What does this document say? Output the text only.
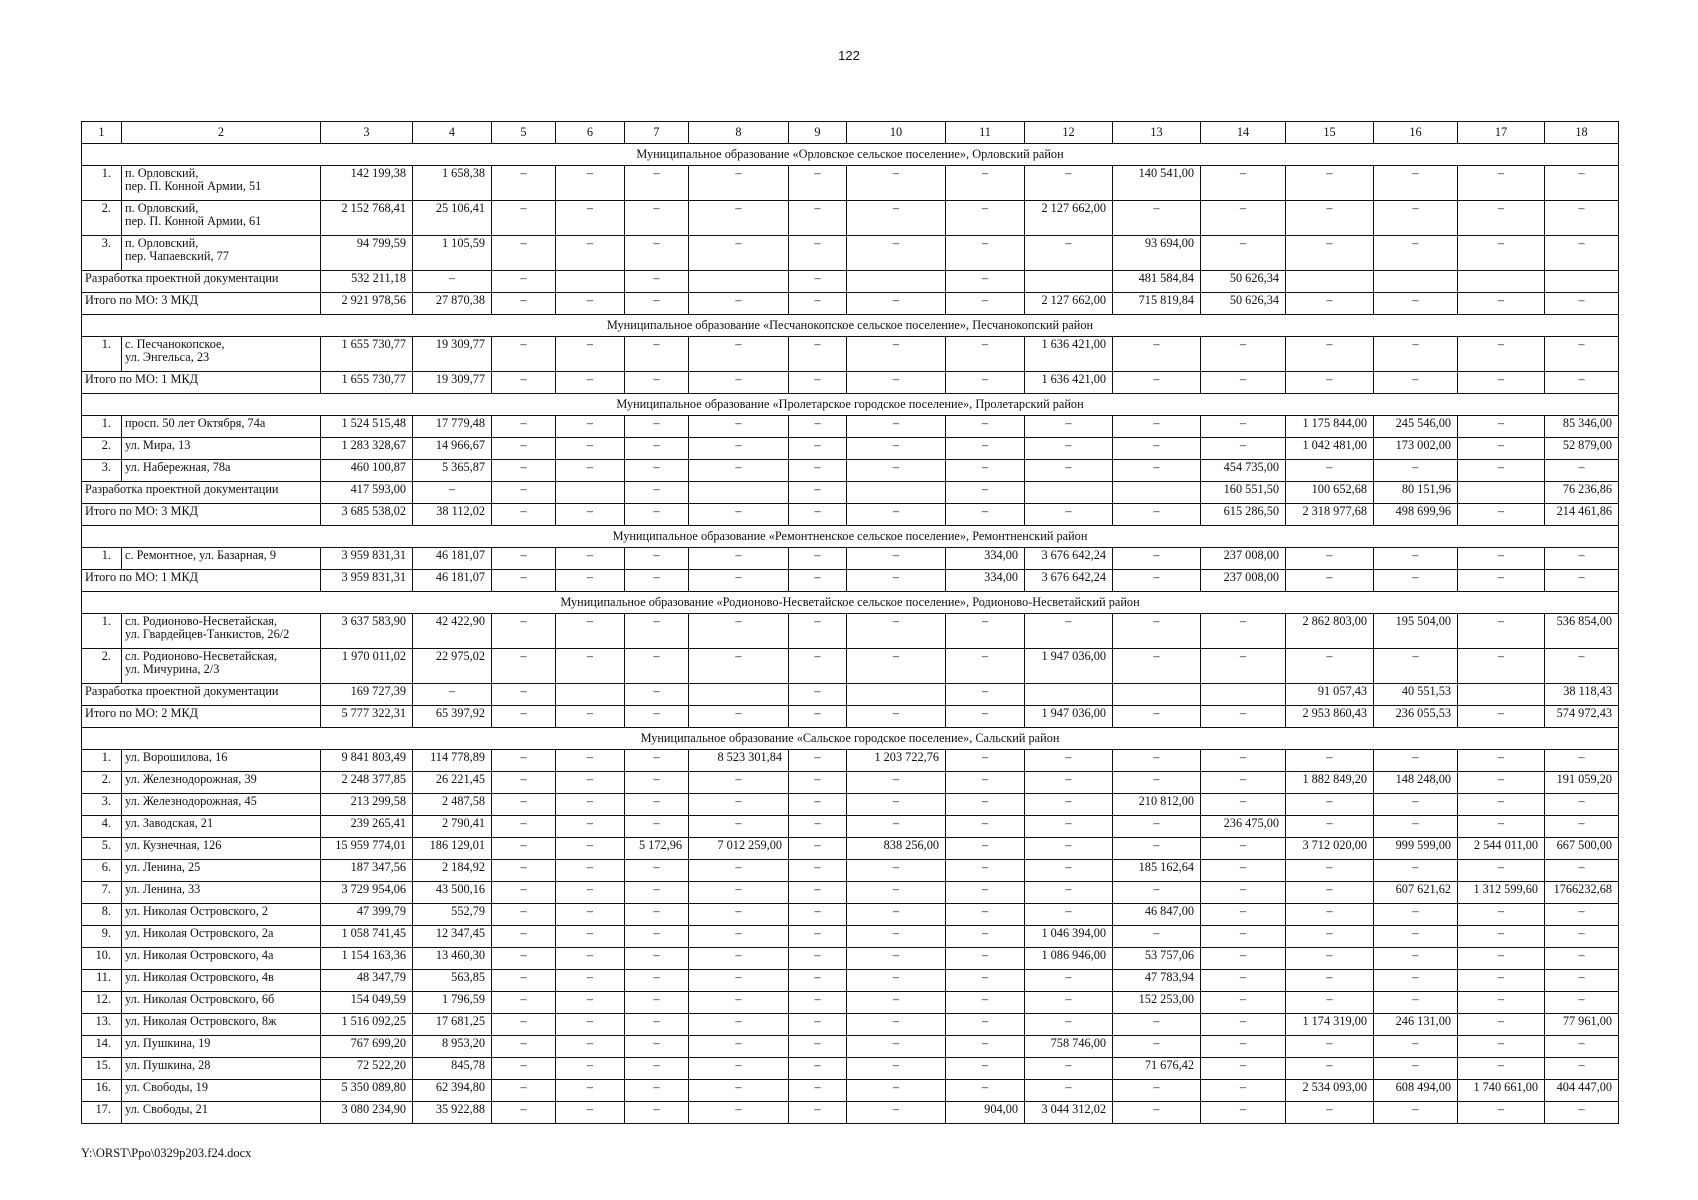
122
1	2	3	4	5	6	7	8	9	10	11	12	13	14	15	16	17	18
Муниципальное образование «Орловское сельское поселение», Орловский район																	
1.	п. Орловский,
пер. П. Конной Армии, 51	142 199,38	1 658,38	–	–	–	–	–	–	–	–	140 541,00	–	–	–	–	–
2.	п. Орловский,
пер. П. Конной Армии, 61	2 152 768,41	25 106,41	–	–	–	–	–	–	–	2 127 662,00	–	–	–	–	–	–
3.	п. Орловский,
пер. Чапаевский, 77	94 799,59	1 105,59	–	–	–	–	–	–	–	–	93 694,00	–	–	–	–	–
Разработка проектной документации		532 211,18	–	–		–		–		–		481 584,84	50 626,34				
Итого по МО: 3 МКД		2 921 978,56	27 870,38	–	–	–	–	–	–	–	2 127 662,00	715 819,84	50 626,34	–	–	–	–
Муниципальное образование «Песчанокопское сельское поселение», Песчанокопский район																	
1.	с. Песчанокопское,
ул. Энгельса, 23	1 655 730,77	19 309,77	–	–	–	–	–	–	–	1 636 421,00	–	–	–	–	–	–
Итого по МО: 1 МКД		1 655 730,77	19 309,77	–	–	–	–	–	–	–	1 636 421,00	–	–	–	–	–	–
Муниципальное образование «Пролетарское городское поселение», Пролетарский район																	
1.	просп. 50 лет Октября, 74а	1 524 515,48	17 779,48	–	–	–	–	–	–	–	–	–	–	1 175 844,00	245 546,00	–	85 346,00
2.	ул. Мира, 13	1 283 328,67	14 966,67	–	–	–	–	–	–	–	–	–	–	1 042 481,00	173 002,00	–	52 879,00
3.	ул. Набережная, 78а	460 100,87	5 365,87	–	–	–	–	–	–	–	–	–	454 735,00	–	–	–	–
Разработка проектной документации		417 593,00	–	–		–		–		–			160 551,50	100 652,68	80 151,96		76 236,86
Итого по МО: 3 МКД		3 685 538,02	38 112,02	–	–	–	–	–	–	–	–	–	615 286,50	2 318 977,68	498 699,96	–	214 461,86
Муниципальное образование «Ремонтненское сельское поселение», Ремонтненский район																	
1.	с. Ремонтное, ул. Базарная, 9	3 959 831,31	46 181,07	–	–	–	–	–	–	334,00	3 676 642,24	–	237 008,00	–	–	–	–
Итого по МО: 1 МКД		3 959 831,31	46 181,07	–	–	–	–	–	–	334,00	3 676 642,24	–	237 008,00	–	–	–	–
Муниципальное образование «Родионово-Несветайское сельское поселение», Родионово-Несветайский район																	
1.	сл. Родионово-Несветайская,
ул. Гвардейцев-Танкистов, 26/2	3 637 583,90	42 422,90	–	–	–	–	–	–	–	–	–	–	2 862 803,00	195 504,00	–	536 854,00
2.	сл. Родионово-Несветайская,
ул. Мичурина, 2/3	1 970 011,02	22 975,02	–	–	–	–	–	–	–	1 947 036,00	–	–	–	–	–	–
Разработка проектной документации		169 727,39	–	–		–		–		–				91 057,43	40 551,53		38 118,43
Итого по МО: 2 МКД		5 777 322,31	65 397,92	–	–	–	–	–	–	–	1 947 036,00	–	–	2 953 860,43	236 055,53	–	574 972,43
Муниципальное образование «Сальское городское поселение», Сальский район																	
1.	ул. Ворошилова, 16	9 841 803,49	114 778,89	–	–	–	8 523 301,84	–	1 203 722,76	–	–	–	–	–	–	–	–
2.	ул. Железнодорожная, 39	2 248 377,85	26 221,45	–	–	–	–	–	–	–	–	–	–	1 882 849,20	148 248,00	–	191 059,20
3.	ул. Железнодорожная, 45	213 299,58	2 487,58	–	–	–	–	–	–	–	–	210 812,00	–	–	–	–	–
4.	ул. Заводская, 21	239 265,41	2 790,41	–	–	–	–	–	–	–	–	–	236 475,00	–	–	–	–
5.	ул. Кузнечная, 126	15 959 774,01	186 129,01	–	–	5 172,96	7 012 259,00	–	838 256,00	–	–	–	–	3 712 020,00	999 599,00	2 544 011,00	667 500,00
6.	ул. Ленина, 25	187 347,56	2 184,92	–	–	–	–	–	–	–	–	185 162,64	–	–	–	–	–
7.	ул. Ленина, 33	3 729 954,06	43 500,16	–	–	–	–	–	–	–	–	–	–	–	607 621,62	1 312 599,60	1766232,68
8.	ул. Николая Островского, 2	47 399,79	552,79	–	–	–	–	–	–	–	–	46 847,00	–	–	–	–	–
9.	ул. Николая Островского, 2а	1 058 741,45	12 347,45	–	–	–	–	–	–	–	1 046 394,00	–	–	–	–	–	–
10.	ул. Николая Островского, 4а	1 154 163,36	13 460,30	–	–	–	–	–	–	–	1 086 946,00	53 757,06	–	–	–	–	–
11.	ул. Николая Островского, 4в	48 347,79	563,85	–	–	–	–	–	–	–	–	47 783,94	–	–	–	–	–
12.	ул. Николая Островского, 6б	154 049,59	1 796,59	–	–	–	–	–	–	–	–	152 253,00	–	–	–	–	–
13.	ул. Николая Островского, 8ж	1 516 092,25	17 681,25	–	–	–	–	–	–	–	–	–	–	1 174 319,00	246 131,00	–	77 961,00
14.	ул. Пушкина, 19	767 699,20	8 953,20	–	–	–	–	–	–	–	758 746,00	–	–	–	–	–	–
15.	ул. Пушкина, 28	72 522,20	845,78	–	–	–	–	–	–	–	–	71 676,42	–	–	–	–	–
16.	ул. Свободы, 19	5 350 089,80	62 394,80	–	–	–	–	–	–	–	–	–	–	2 534 093,00	608 494,00	1 740 661,00	404 447,00
17.	ул. Свободы, 21	3 080 234,90	35 922,88	–	–	–	–	–	–	904,00	3 044 312,02	–	–	–	–	–	–
Y:\ORST\Ppo\0329p203.f24.docx
